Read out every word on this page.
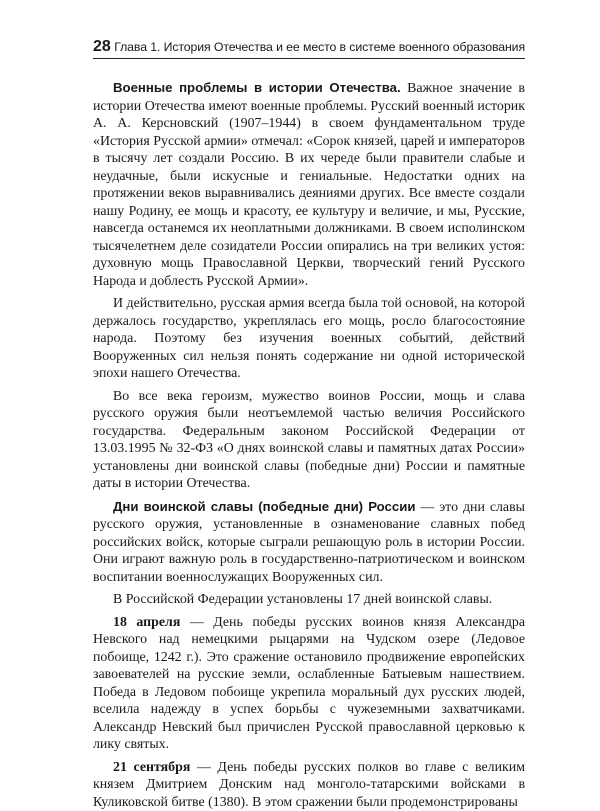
28 Глава 1. История Отечества и ее место в системе военного образования

Военные проблемы в истории Отечества. Важное значение в истории Отечества имеют военные проблемы. Русский военный историк А. А. Керсновский (1907–1944) в своем фундаментальном труде «История Русской армии» отмечал: «Сорок князей, царей и императоров в тысячу лет создали Россию. В их череде были правители слабые и неудачные, были искусные и гениальные. Недостатки одних на протяжении веков выравнивались деяниями других. Все вместе создали нашу Родину, ее мощь и красоту, ее культуру и величие, и мы, Русские, навсегда останемся их неоплатными должниками. В своем исполинском тысячелетнем деле созидатели России опирались на три великих устоя: духовную мощь Православной Церкви, творческий гений Русского Народа и доблесть Русской Армии».

И действительно, русская армия всегда была той основой, на которой держалось государство, укреплялась его мощь, росло благосостояние народа. Поэтому без изучения военных событий, действий Вооруженных сил нельзя понять содержание ни одной исторической эпохи нашего Отечества.

Во все века героизм, мужество воинов России, мощь и слава русского оружия были неотъемлемой частью величия Российского государства. Федеральным законом Российской Федерации от 13.03.1995 № 32-ФЗ «О днях воинской славы и памятных датах России» установлены дни воинской славы (победные дни) России и памятные даты в истории Отечества.

Дни воинской славы (победные дни) России — это дни славы русского оружия, установленные в ознаменование славных побед российских войск, которые сыграли решающую роль в истории России. Они играют важную роль в государственно-патриотическом и воинском воспитании военнослужащих Вооруженных сил.

В Российской Федерации установлены 17 дней воинской славы.

18 апреля — День победы русских воинов князя Александра Невского над немецкими рыцарями на Чудском озере (Ледовое побоище, 1242 г.). Это сражение остановило продвижение европейских завоевателей на русские земли, ослабленные Батыевым нашествием. Победа в Ледовом побоище укрепила моральный дух русских людей, вселила надежду в успех борьбы с чужеземными захватчиками. Александр Невский был причислен Русской православной церковью к лику святых.

21 сентября — День победы русских полков во главе с великим князем Дмитрием Донским над монголо-татарскими войсками в Куликовской битве (1380). В этом сражении были продемонстрированы
